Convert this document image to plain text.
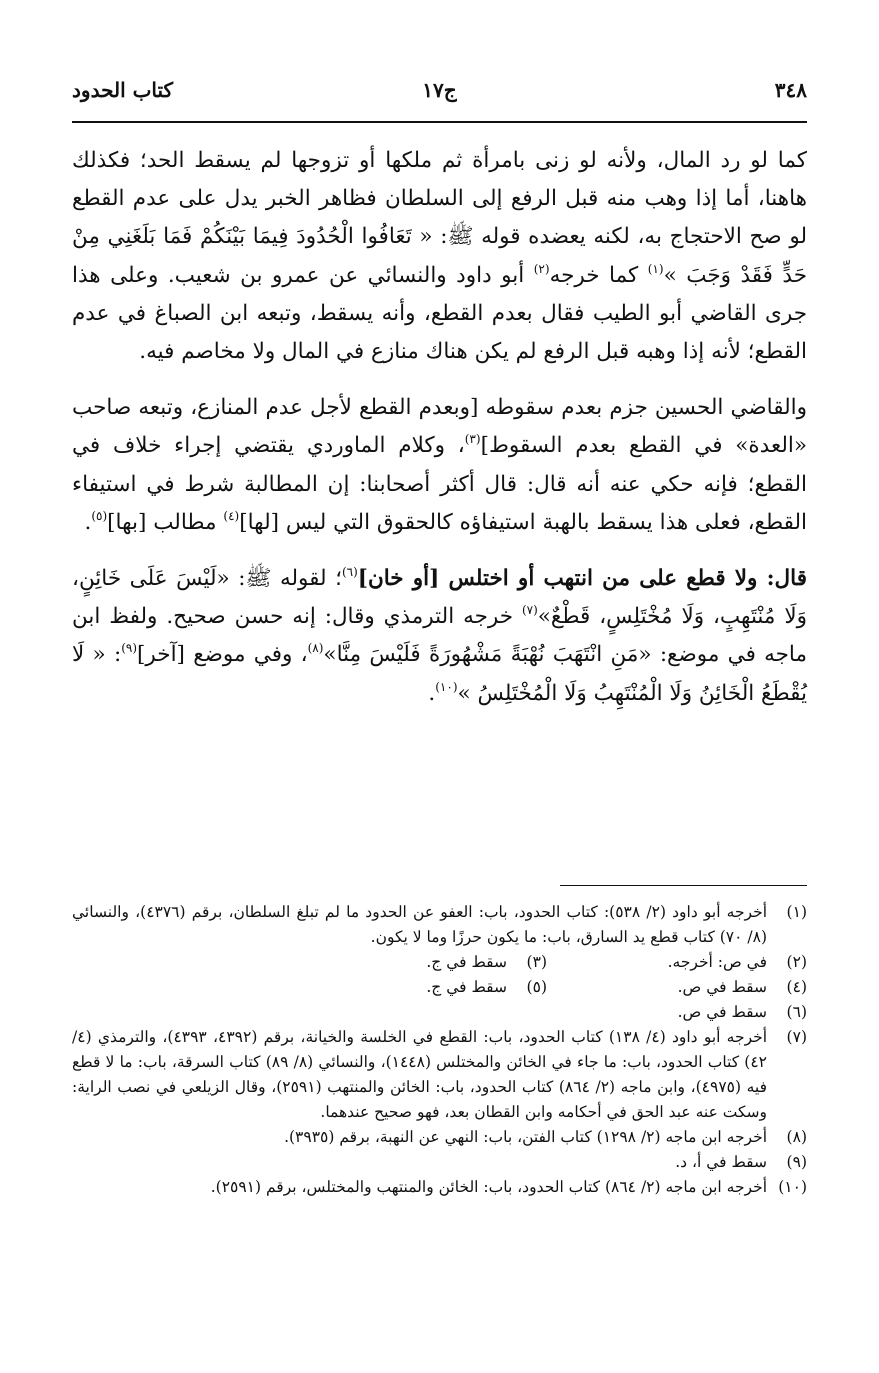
٣٤٨
ج١٧
كتاب الحدود

كما لو رد المال، ولأنه لو زنى بامرأة ثم ملكها أو تزوجها لم يسقط الحد؛ فكذلك هاهنا، أما إذا وهب منه قبل الرفع إلى السلطان فظاهر الخبر يدل على عدم القطع لو صح الاحتجاج به، لكنه يعضده قوله ﷺ: « تَعَافُوا الْحُدُودَ فِيمَا بَيْنَكُمْ فَمَا بَلَغَنِي مِنْ حَدٍّ فَقَدْ وَجَبَ »$^{(١)}$ كما خرجه$^{(٢)}$ أبو داود والنسائي عن عمرو بن شعيب. وعلى هذا جرى القاضي أبو الطيب فقال بعدم القطع، وأنه يسقط، وتبعه ابن الصباغ في عدم القطع؛ لأنه إذا وهبه قبل الرفع لم يكن هناك منازع في المال ولا مخاصم فيه.

والقاضي الحسين جزم بعدم سقوطه [وبعدم القطع لأجل عدم المنازع، وتبعه صاحب «العدة» في القطع بعدم السقوط]$^{(٣)}$، وكلام الماوردي يقتضي إجراء خلاف في القطع؛ فإنه حكي عنه أنه قال: قال أكثر أصحابنا: إن المطالبة شرط في استيفاء القطع، فعلى هذا يسقط بالهبة استيفاؤه كالحقوق التي ليس [لها]$^{(٤)}$ مطالب [بها]$^{(٥)}$.

قال: ولا قطع على من انتهب أو اختلس [أو خان]$^{(٦)}$؛ لقوله ﷺ: «لَيْسَ عَلَى خَائِنٍ، وَلَا مُنْتَهِبٍ، وَلَا مُخْتَلِسٍ، قَطْعٌ»$^{(٧)}$ خرجه الترمذي وقال: إنه حسن صحيح. ولفظ ابن ماجه في موضع: «مَنِ انْتَهَبَ نُهْبَةً مَشْهُورَةً فَلَيْسَ مِنَّا»$^{(٨)}$، وفي موضع [آخر]$^{(٩)}$: « لَا يُقْطَعُ الْخَائِنُ وَلَا الْمُنْتَهِبُ وَلَا الْمُخْتَلِسُ »$^{(١٠)}$.

(١)
أخرجه أبو داود (٢/ ٥٣٨): كتاب الحدود، باب: العفو عن الحدود ما لم تبلغ السلطان، برقم (٤٣٧٦)، والنسائي (٨/ ٧٠) كتاب قطع يد السارق، باب: ما يكون حرزًا وما لا يكون.
(٢)
في ص: أخرجه.
(٣)
سقط في ج.
(٤)
سقط في ص.
(٥)
سقط في ج.
(٦)
سقط في ص.
(٧)
أخرجه أبو داود (٤/ ١٣٨) كتاب الحدود، باب: القطع في الخلسة والخيانة، برقم (٤٣٩٢، ٤٣٩٣)، والترمذي (٤/ ٤٢) كتاب الحدود، باب: ما جاء في الخائن والمختلس (١٤٤٨)، والنسائي (٨/ ٨٩) كتاب السرقة، باب: ما لا قطع فيه (٤٩٧٥)، وابن ماجه (٢/ ٨٦٤) كتاب الحدود، باب: الخائن والمنتهب (٢٥٩١)، وقال الزيلعي في نصب الراية: وسكت عنه عبد الحق في أحكامه وابن القطان بعد، فهو صحيح عندهما.
(٨)
أخرجه ابن ماجه (٢/ ١٢٩٨) كتاب الفتن، باب: النهي عن النهبة، برقم (٣٩٣٥).
(٩)
سقط في أ، د.
(١٠)
أخرجه ابن ماجه (٢/ ٨٦٤) كتاب الحدود، باب: الخائن والمنتهب والمختلس، برقم (٢٥٩١).
